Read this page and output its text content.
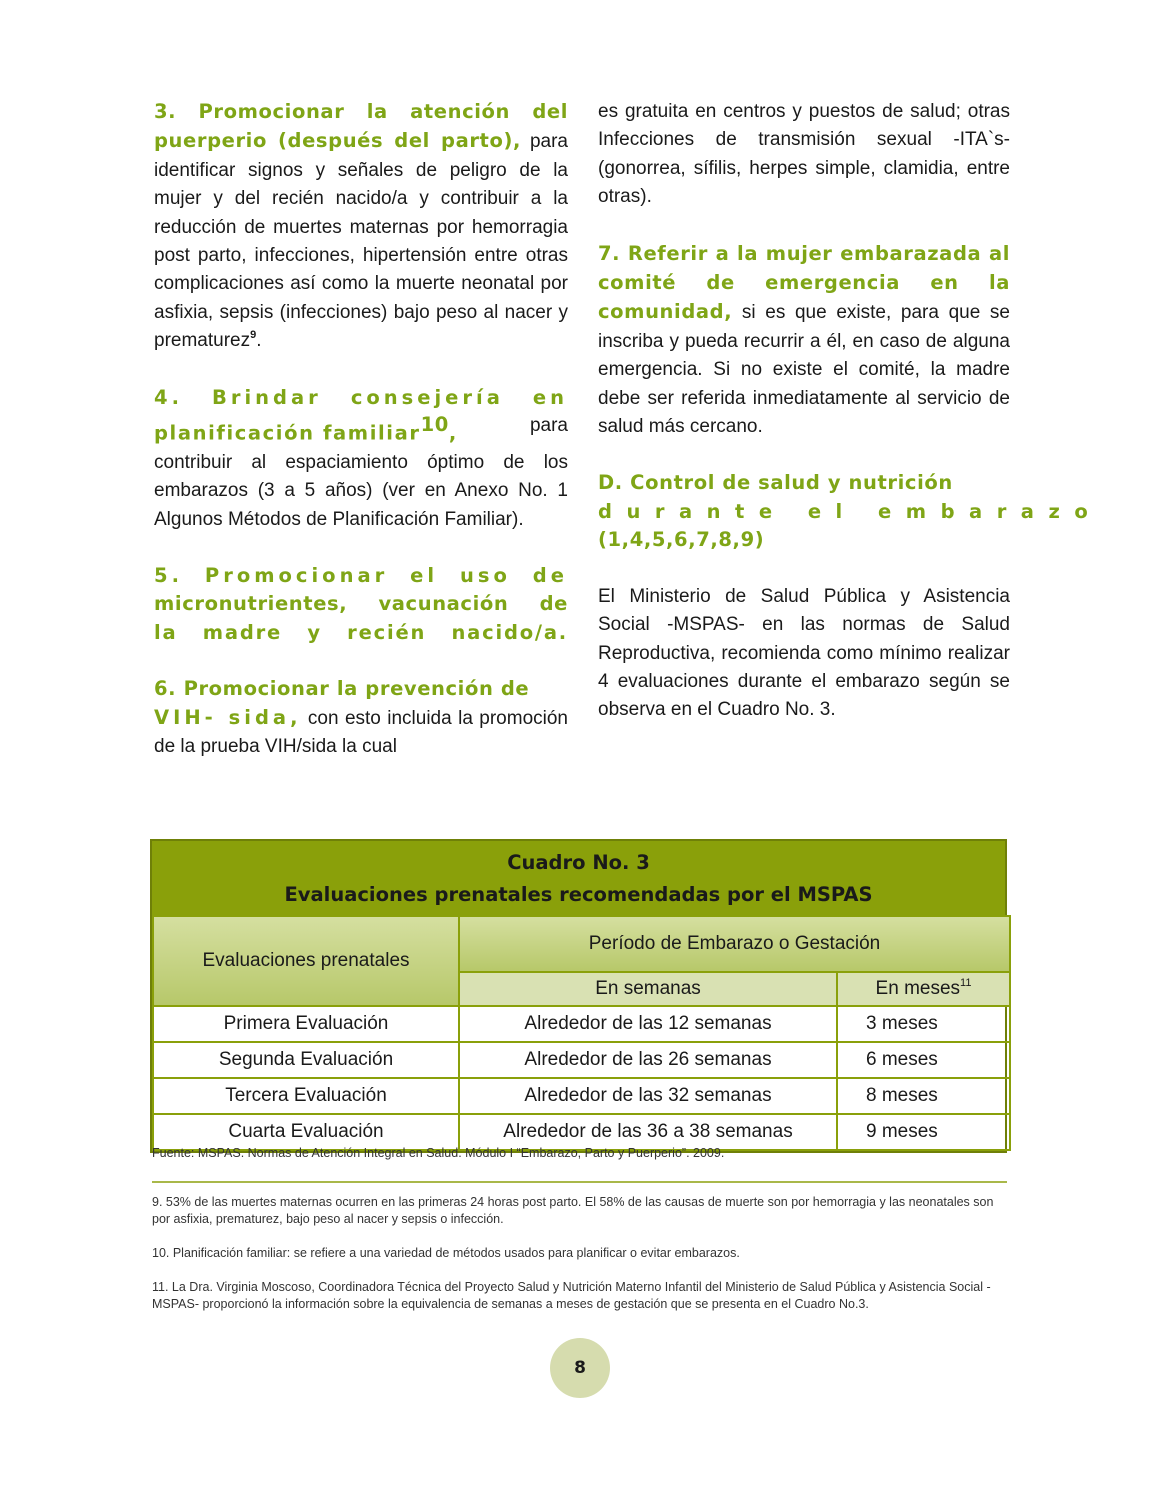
3. Promocionar la atención del puerperio (después del parto), para identificar signos y señales de peligro de la mujer y del recién nacido/a y contribuir a la reducción de muertes maternas por hemorragia post parto, infecciones, hipertensión entre otras complicaciones así como la muerte neonatal por asfixia, sepsis (infecciones) bajo peso al nacer y prematurez$^9$.

4. Brindar consejería en
planificación familiar$^{10}$,	para

contribuir al espaciamiento óptimo de los embarazos (3 a 5 años) (ver en Anexo No. 1 Algunos Métodos de Planificación Familiar).

5. Promocionar el uso de
micronutrientes, vacunación de
la madre y recién nacido/a.

6. Promocionar la prevención de
VIH- sida, con esto incluida la promoción de la prueba VIH/sida la cual

es gratuita en centros y puestos de salud; otras Infecciones de transmisión sexual -ITA`s- (gonorrea, sífilis, herpes simple, clamidia, entre otras).

7. Referir a la mujer embarazada al comité de emergencia en la comunidad, si es que existe, para que se inscriba y pueda recurrir a él, en caso de alguna emergencia. Si no existe el comité, la madre debe ser referida inmediatamente al servicio de salud más cercano.

D. Control de salud y nutrición
durante el embarazo
(1,4,5,6,7,8,9)

El Ministerio de Salud Pública y Asistencia Social -MSPAS- en las normas de Salud Reproductiva, recomienda como mínimo realizar 4 evaluaciones durante el embarazo según se observa en el Cuadro No. 3.

Cuadro No. 3
Evaluaciones prenatales recomendadas por el MSPAS
Evaluaciones prenatales	Período de Embarazo o Gestación	
	En semanas	En meses$^{11}$
Primera Evaluación	Alrededor de las 12 semanas	3 meses
Segunda Evaluación	Alrededor de las 26 semanas	6 meses
Tercera Evaluación	Alrededor de las 32 semanas	8 meses
Cuarta Evaluación	Alrededor de las 36 a 38 semanas	9 meses
Fuente: MSPAS. Normas de Atención Integral en Salud. Módulo I “Embarazo, Parto y Puerperio”. 2009.

9. 53% de las muertes maternas ocurren en las primeras 24 horas post parto. El 58% de las causas de muerte son por hemorragia y las neonatales son por asfixia, prematurez, bajo peso al nacer y sepsis o infección.

10. Planificación familiar: se refiere a una variedad de métodos usados para planificar o evitar embarazos.

11. La Dra. Virginia Moscoso, Coordinadora Técnica del Proyecto Salud y Nutrición Materno Infantil del Ministerio de Salud Pública y Asistencia Social -MSPAS- proporcionó la información sobre la equivalencia de semanas a meses de gestación que se presenta en el Cuadro No.3.

8
